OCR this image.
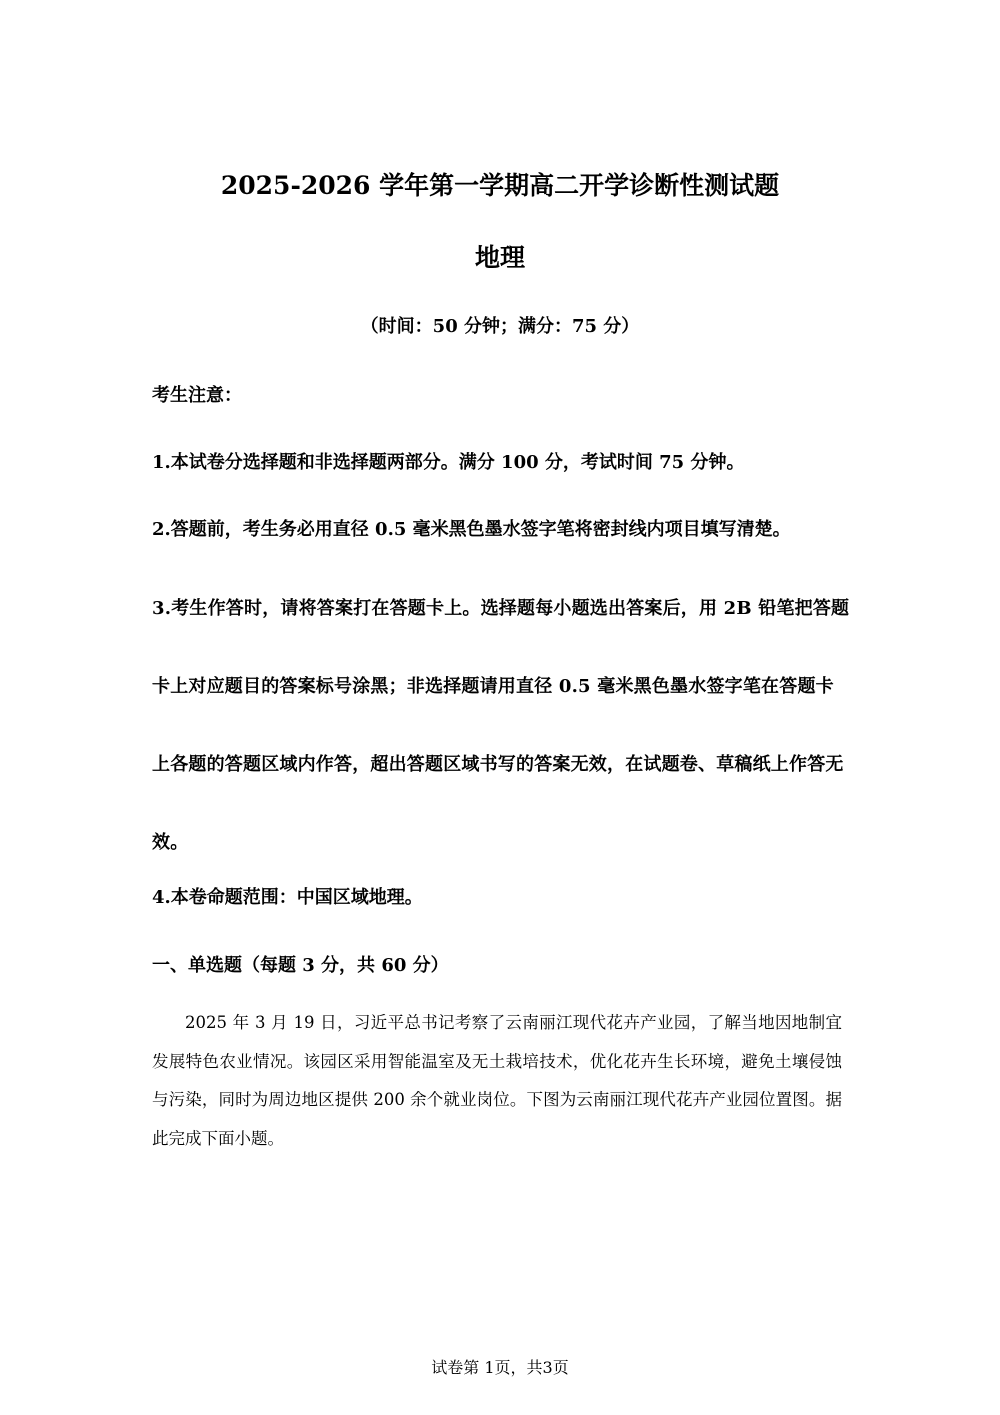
2025-2026 学年第一学期高二开学诊断性测试题
地理

（时间：50 分钟；满分：75 分）

考生注意：

1.本试卷分选择题和非选择题两部分。满分 100 分，考试时间 75 分钟。

2.答题前，考生务必用直径 0.5 毫米黑色墨水签字笔将密封线内项目填写清楚。

3.考生作答时，请将答案打在答题卡上。选择题每小题选出答案后，用 2B 铅笔把答题卡上对应题目的答案标号涂黑；非选择题请用直径 0.5 毫米黑色墨水签字笔在答题卡上各题的答题区域内作答，超出答题区域书写的答案无效，在试题卷、草稿纸上作答无效。

4.本卷命题范围：中国区域地理。

一、单选题（每题 3 分，共 60 分）

2025 年 3 月 19 日，习近平总书记考察了云南丽江现代花卉产业园，了解当地因地制宜发展特色农业情况。该园区采用智能温室及无土栽培技术，优化花卉生长环境，避免土壤侵蚀与污染，同时为周边地区提供 200 余个就业岗位。下图为云南丽江现代花卉产业园位置图。据此完成下面小题。

试卷第 1页，共3页
